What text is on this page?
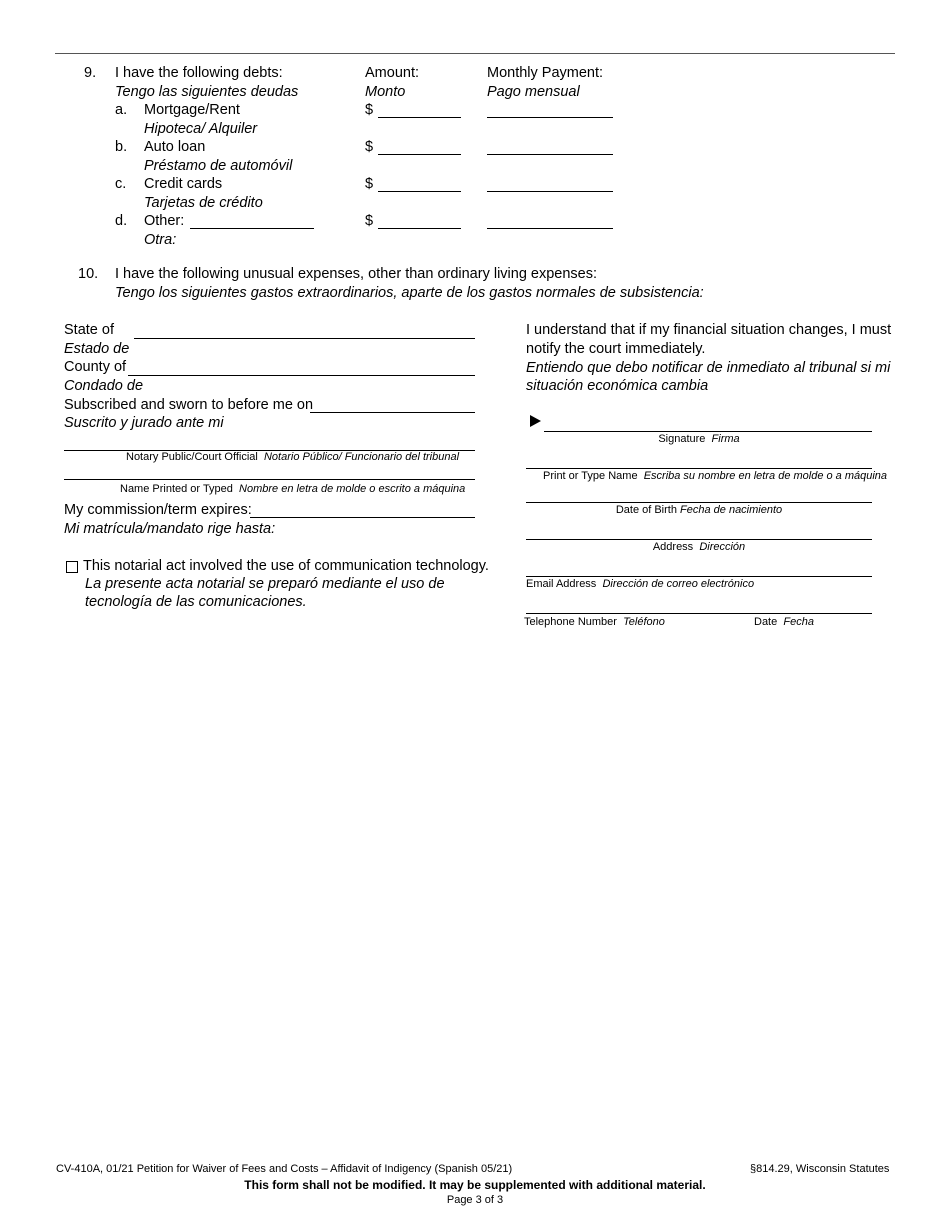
9. I have the following debts:
Tengo las siguientes deudas
Amount:
Monto
Monthly Payment:
Pago mensual
a. Mortgage/Rent
Hipoteca/ Alquiler
$
b. Auto loan
Préstamo de automóvil
$
c. Credit cards
Tarjetas de crédito
$
d. Other:
Otra:
$
10. I have the following unusual expenses, other than ordinary living expenses:
Tengo los siguientes gastos extraordinarios, aparte de los gastos normales de subsistencia:
State of
Estado de
County of
Condado de
Subscribed and sworn to before me on
Suscrito y jurado ante mi
Notary Public/Court Official Notario Público/ Funcionario del tribunal
Name Printed or Typed Nombre en letra de molde o escrito a máquina
My commission/term expires:
Mi matrícula/mandato rige hasta:
This notarial act involved the use of communication technology.
La presente acta notarial se preparó mediante el uso de
tecnología de las comunicaciones.
I understand that if my financial situation changes, I must
notify the court immediately.
Entiendo que debo notificar de inmediato al tribunal si mi
situación económica cambia
Signature Firma
Print or Type Name Escriba su nombre en letra de molde o a máquina
Date of Birth Fecha de nacimiento
Address Dirección
Email Address Dirección de correo electrónico
Telephone Number Teléfono	Date Fecha
CV-410A, 01/21 Petition for Waiver of Fees and Costs – Affidavit of Indigency (Spanish 05/21)	§814.29, Wisconsin Statutes
This form shall not be modified. It may be supplemented with additional material.
Page 3 of 3
